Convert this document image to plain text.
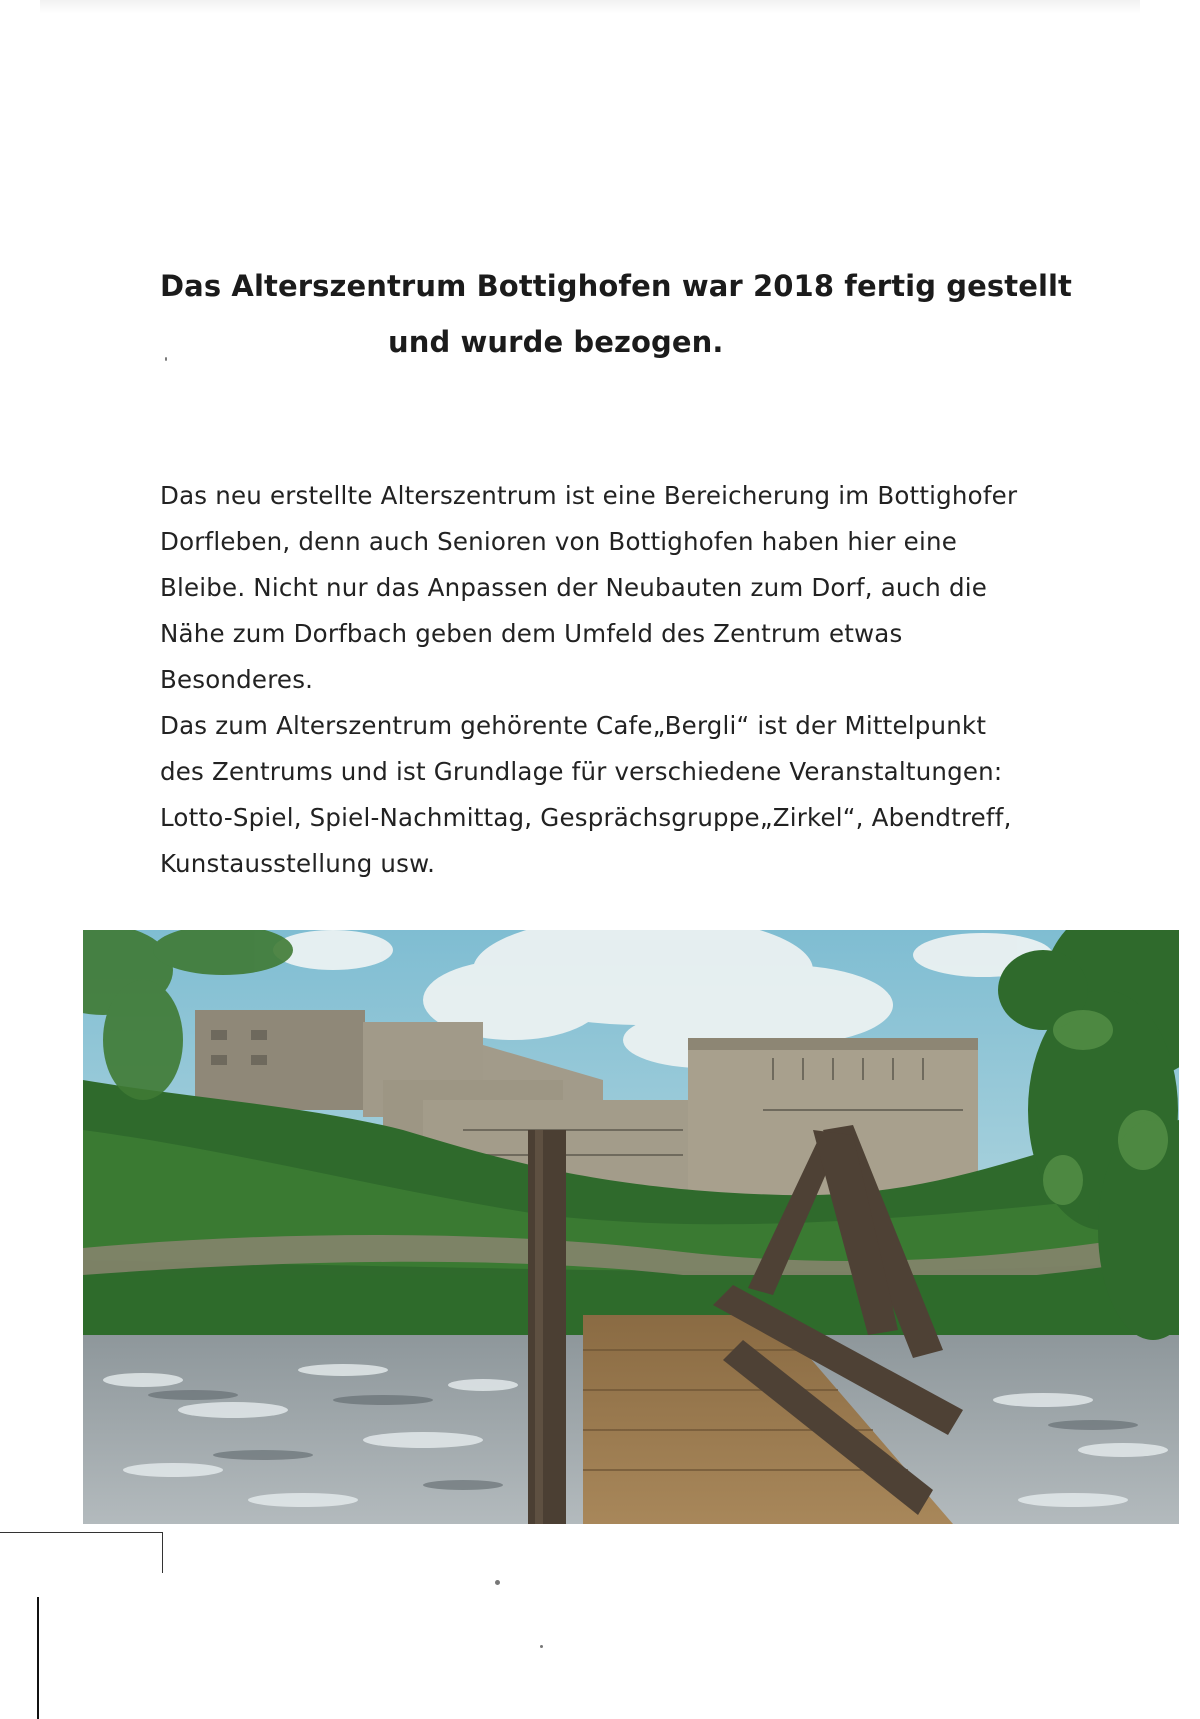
Das Alterszentrum Bottighofen war 2018 fertig gestellt
und wurde bezogen.
Das neu erstellte Alterszentrum ist eine Bereicherung im Bottighofer
Dorfleben, denn auch Senioren von Bottighofen haben hier eine
Bleibe. Nicht nur das Anpassen der Neubauten zum Dorf, auch die
Nähe zum Dorfbach geben dem Umfeld des Zentrum etwas
Besonderes.
Das zum Alterszentrum gehörente Cafe„Bergli“ ist der Mittelpunkt
des Zentrums und ist Grundlage für verschiedene Veranstaltungen:
Lotto-Spiel, Spiel-Nachmittag, Gesprächsgruppe„Zirkel“, Abendtreff,
Kunstausstellung usw.
